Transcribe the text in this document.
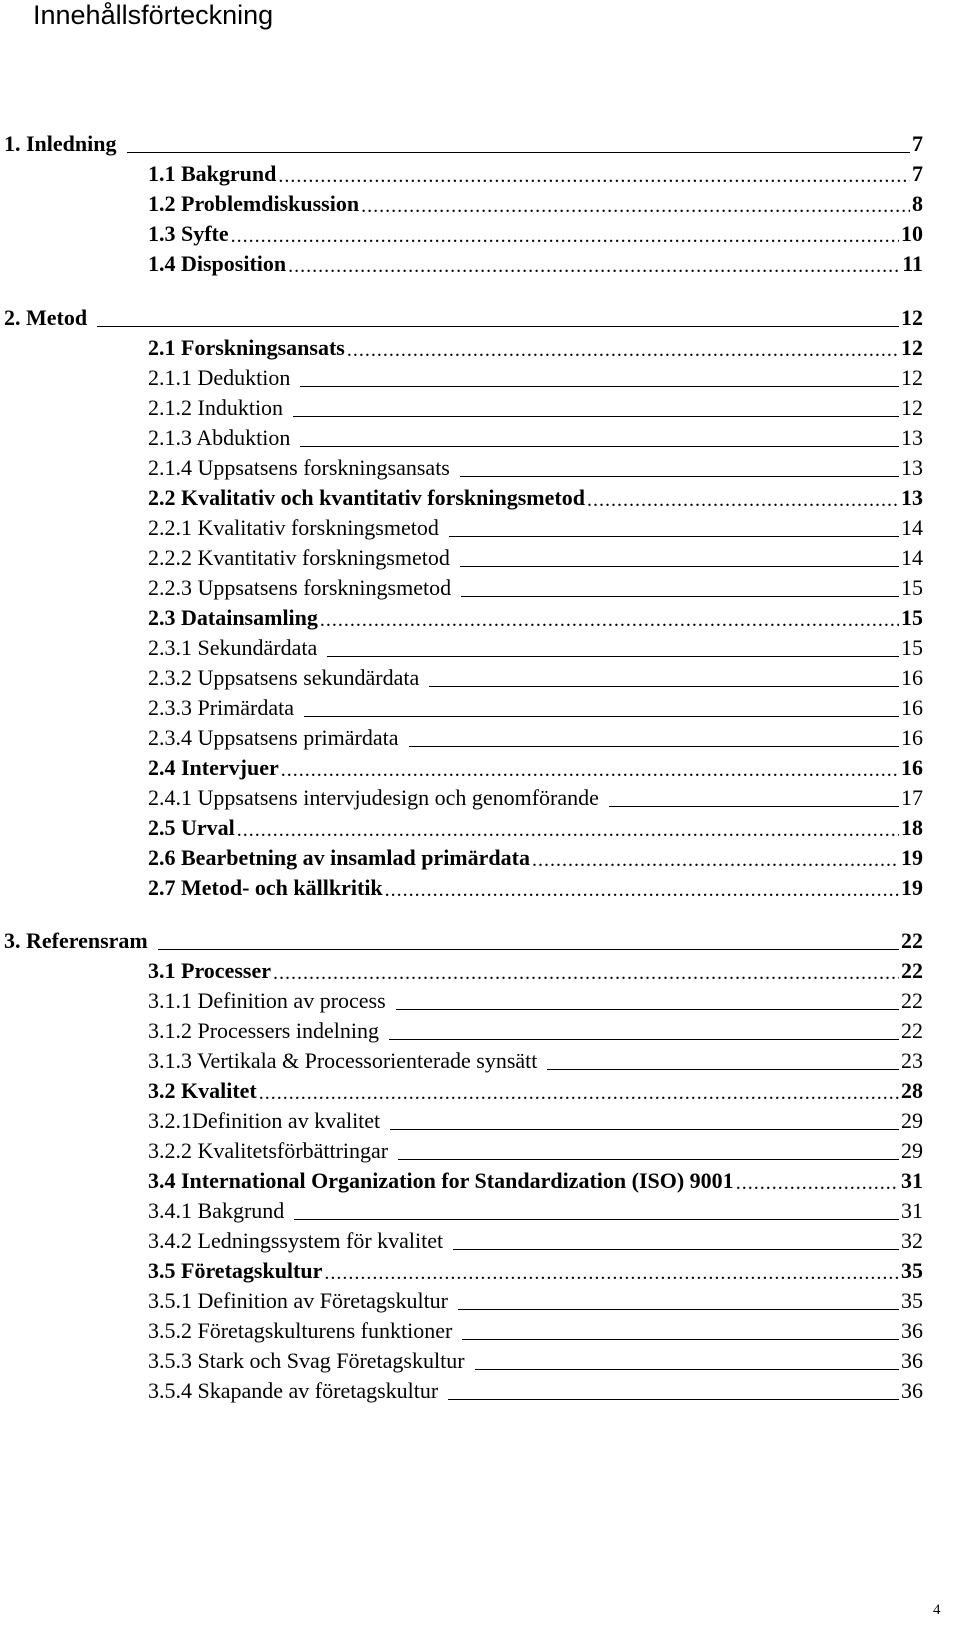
Innehållsförteckning
1. Inledning	7
1.1 Bakgrund .....	7
1.2 Problemdiskussion .....	8
1.3 Syfte .....	10
1.4 Disposition .....	11
2. Metod	12
2.1 Forskningsansats .....	12
2.1.1 Deduktion	12
2.1.2 Induktion	12
2.1.3 Abduktion	13
2.1.4 Uppsatsens forskningsansats	13
2.2 Kvalitativ och kvantitativ forskningsmetod .....	13
2.2.1 Kvalitativ forskningsmetod	14
2.2.2 Kvantitativ forskningsmetod	14
2.2.3 Uppsatsens forskningsmetod	15
2.3 Datainsamling .....	15
2.3.1 Sekundärdata	15
2.3.2 Uppsatsens sekundärdata	16
2.3.3 Primärdata	16
2.3.4 Uppsatsens primärdata	16
2.4 Intervjuer .....	16
2.4.1 Uppsatsens intervjudesign och genomförande	17
2.5 Urval .....	18
2.6 Bearbetning av insamlad primärdata .....	19
2.7 Metod- och källkritik .....	19
3. Referensram	22
3.1 Processer .....	22
3.1.1 Definition av process	22
3.1.2 Processers indelning	22
3.1.3 Vertikala & Processorienterade synsätt	23
3.2 Kvalitet .....	28
3.2.1Definition av kvalitet	29
3.2.2 Kvalitetsförbättringar	29
3.4 International Organization for Standardization (ISO) 9001 .....	31
3.4.1 Bakgrund	31
3.4.2 Ledningssystem för kvalitet	32
3.5 Företagskultur .....	35
3.5.1 Definition av Företagskultur	35
3.5.2 Företagskulturens funktioner	36
3.5.3 Stark och Svag Företagskultur	36
3.5.4 Skapande av företagskultur	36
4
